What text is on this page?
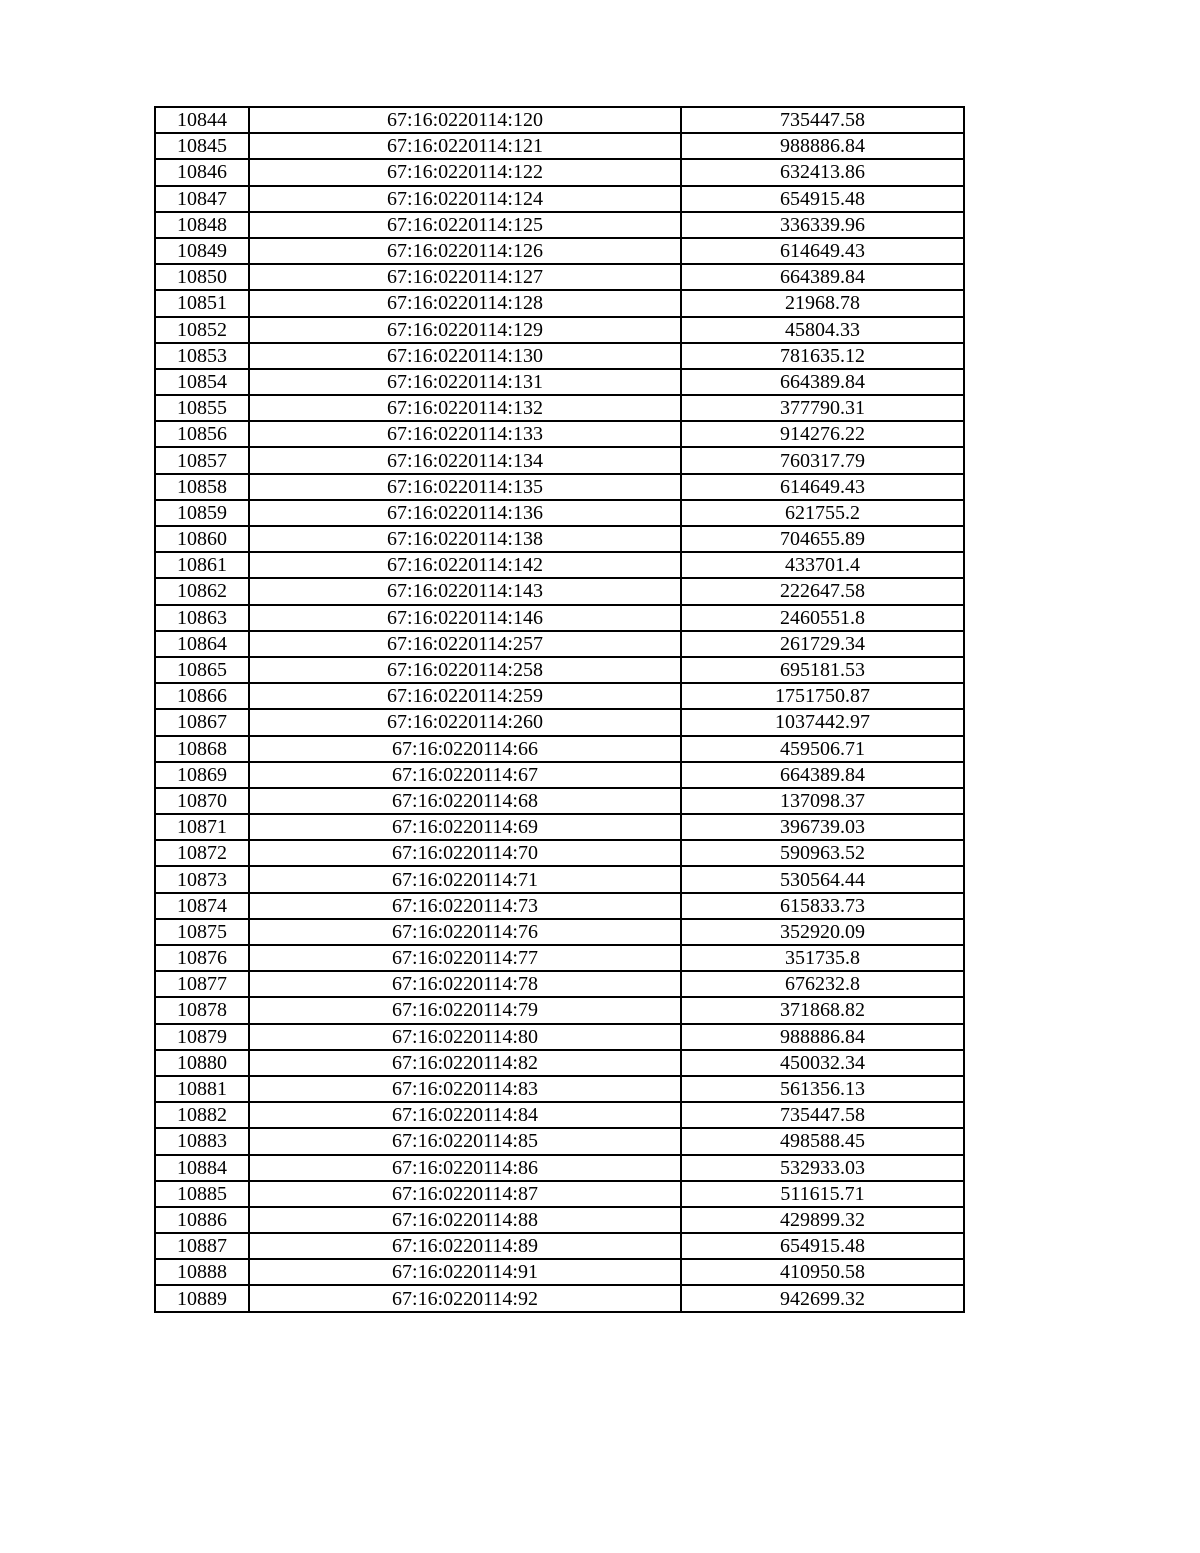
10844	67:16:0220114:120	735447.58
10845	67:16:0220114:121	988886.84
10846	67:16:0220114:122	632413.86
10847	67:16:0220114:124	654915.48
10848	67:16:0220114:125	336339.96
10849	67:16:0220114:126	614649.43
10850	67:16:0220114:127	664389.84
10851	67:16:0220114:128	21968.78
10852	67:16:0220114:129	45804.33
10853	67:16:0220114:130	781635.12
10854	67:16:0220114:131	664389.84
10855	67:16:0220114:132	377790.31
10856	67:16:0220114:133	914276.22
10857	67:16:0220114:134	760317.79
10858	67:16:0220114:135	614649.43
10859	67:16:0220114:136	621755.2
10860	67:16:0220114:138	704655.89
10861	67:16:0220114:142	433701.4
10862	67:16:0220114:143	222647.58
10863	67:16:0220114:146	2460551.8
10864	67:16:0220114:257	261729.34
10865	67:16:0220114:258	695181.53
10866	67:16:0220114:259	1751750.87
10867	67:16:0220114:260	1037442.97
10868	67:16:0220114:66	459506.71
10869	67:16:0220114:67	664389.84
10870	67:16:0220114:68	137098.37
10871	67:16:0220114:69	396739.03
10872	67:16:0220114:70	590963.52
10873	67:16:0220114:71	530564.44
10874	67:16:0220114:73	615833.73
10875	67:16:0220114:76	352920.09
10876	67:16:0220114:77	351735.8
10877	67:16:0220114:78	676232.8
10878	67:16:0220114:79	371868.82
10879	67:16:0220114:80	988886.84
10880	67:16:0220114:82	450032.34
10881	67:16:0220114:83	561356.13
10882	67:16:0220114:84	735447.58
10883	67:16:0220114:85	498588.45
10884	67:16:0220114:86	532933.03
10885	67:16:0220114:87	511615.71
10886	67:16:0220114:88	429899.32
10887	67:16:0220114:89	654915.48
10888	67:16:0220114:91	410950.58
10889	67:16:0220114:92	942699.32
